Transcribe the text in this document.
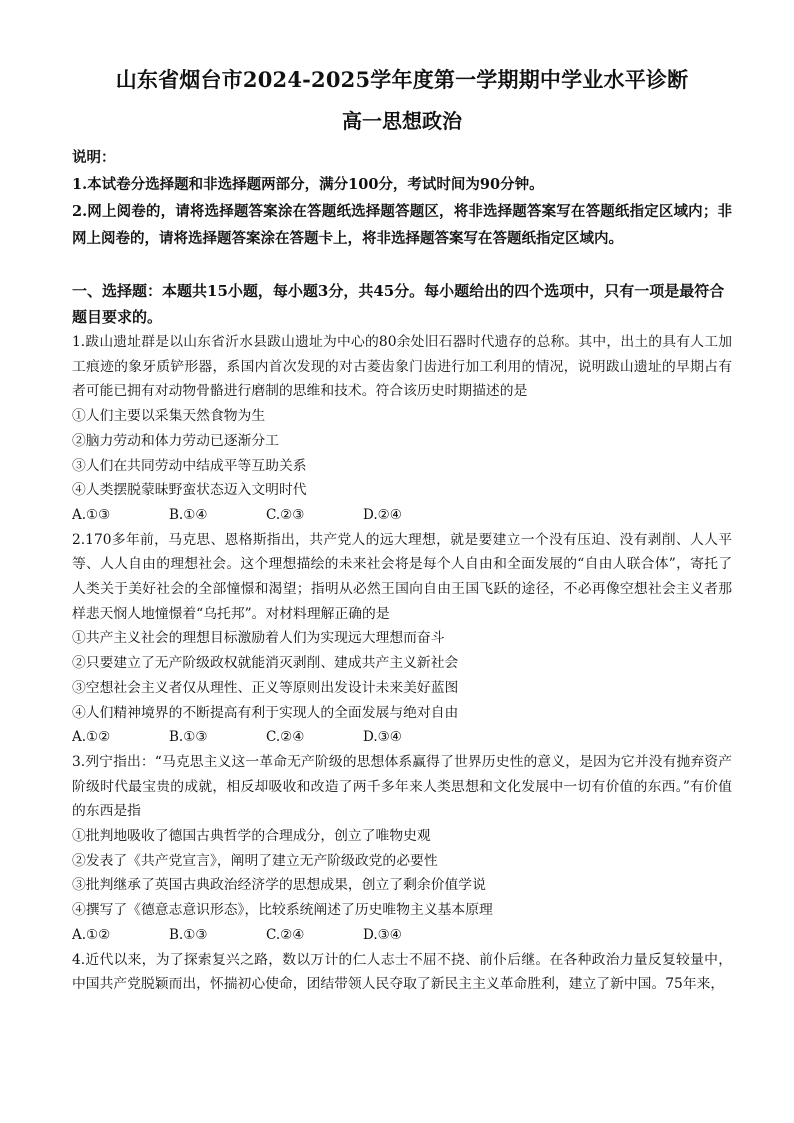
山东省烟台市2024-2025学年度第一学期期中学业水平诊断
高一思想政治
说明：
1.本试卷分选择题和非选择题两部分，满分100分，考试时间为90分钟。
2.网上阅卷的，请将选择题答案涂在答题纸选择题答题区，将非选择题答案写在答题纸指定区域内；非网上阅卷的，请将选择题答案涂在答题卡上，将非选择题答案写在答题纸指定区域内。
一、选择题：本题共15小题，每小题3分，共45分。每小题给出的四个选项中，只有一项是最符合题目要求的。

1.跋山遗址群是以山东省沂水县跋山遗址为中心的80余处旧石器时代遗存的总称。其中，出土的具有人工加工痕迹的象牙质铲形器，系国内首次发现的对古菱齿象门齿进行加工利用的情况，说明跋山遗址的早期占有者可能已拥有对动物骨骼进行磨制的思维和技术。符合该历史时期描述的是

①人们主要以采集天然食物为生

②脑力劳动和体力劳动已逐渐分工

③人们在共同劳动中结成平等互助关系

④人类摆脱蒙昧野蛮状态迈入文明时代

A.①③	B.①④	C.②③	D.②④

2.170多年前，马克思、恩格斯指出，共产党人的远大理想，就是要建立一个没有压迫、没有剥削、人人平等、人人自由的理想社会。这个理想描绘的未来社会将是每个人自由和全面发展的“自由人联合体”，寄托了人类关于美好社会的全部憧憬和渴望；指明从必然王国向自由王国飞跃的途径，不必再像空想社会主义者那样悲天悯人地憧憬着“乌托邦”。对材料理解正确的是

①共产主义社会的理想目标激励着人们为实现远大理想而奋斗

②只要建立了无产阶级政权就能消灭剥削、建成共产主义新社会

③空想社会主义者仅从理性、正义等原则出发设计未来美好蓝图

④人们精神境界的不断提高有利于实现人的全面发展与绝对自由

A.①②	B.①③	C.②④	D.③④

3.列宁指出：“马克思主义这一革命无产阶级的思想体系赢得了世界历史性的意义，是因为它并没有抛弃资产阶级时代最宝贵的成就，相反却吸收和改造了两千多年来人类思想和文化发展中一切有价值的东西。”有价值的东西是指

①批判地吸收了德国古典哲学的合理成分，创立了唯物史观

②发表了《共产党宣言》，阐明了建立无产阶级政党的必要性

③批判继承了英国古典政治经济学的思想成果，创立了剩余价值学说

④撰写了《德意志意识形态》，比较系统阐述了历史唯物主义基本原理

A.①②	B.①③	C.②④	D.③④

4.近代以来，为了探索复兴之路，数以万计的仁人志士不屈不挠、前仆后继。在各种政治力量反复较量中，中国共产党脱颖而出，怀揣初心使命，团结带领人民夺取了新民主主义革命胜利，建立了新中国。75年来，
